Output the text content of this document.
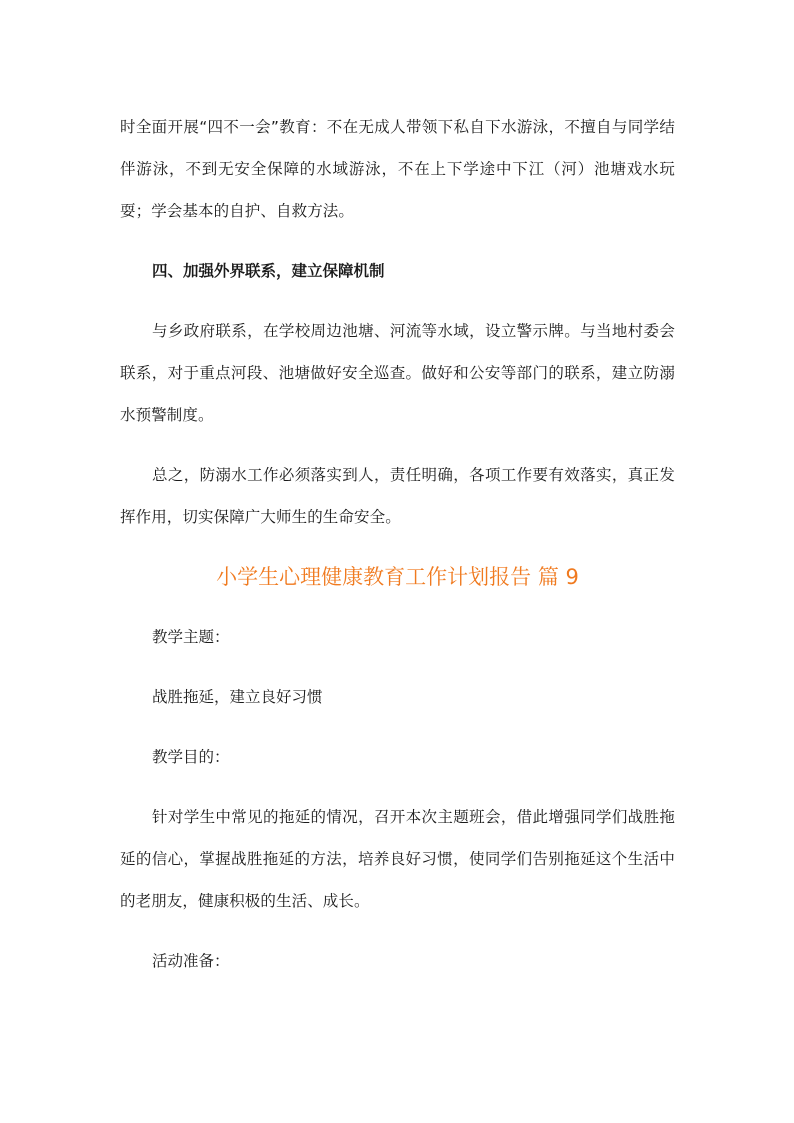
时全面开展“四不一会”教育：不在无成人带领下私自下水游泳，不擅自与同学结伴游泳，不到无安全保障的水域游泳，不在上下学途中下江（河）池塘戏水玩耍；学会基本的自护、自救方法。

四、加强外界联系，建立保障机制

与乡政府联系，在学校周边池塘、河流等水域，设立警示牌。与当地村委会联系，对于重点河段、池塘做好安全巡查。做好和公安等部门的联系，建立防溺水预警制度。

总之，防溺水工作必须落实到人，责任明确，各项工作要有效落实，真正发挥作用，切实保障广大师生的生命安全。

小学生心理健康教育工作计划报告 篇 9

教学主题：

战胜拖延，建立良好习惯

教学目的：

针对学生中常见的拖延的情况，召开本次主题班会，借此增强同学们战胜拖延的信心，掌握战胜拖延的方法，培养良好习惯，使同学们告别拖延这个生活中的老朋友，健康积极的生活、成长。

活动准备：
